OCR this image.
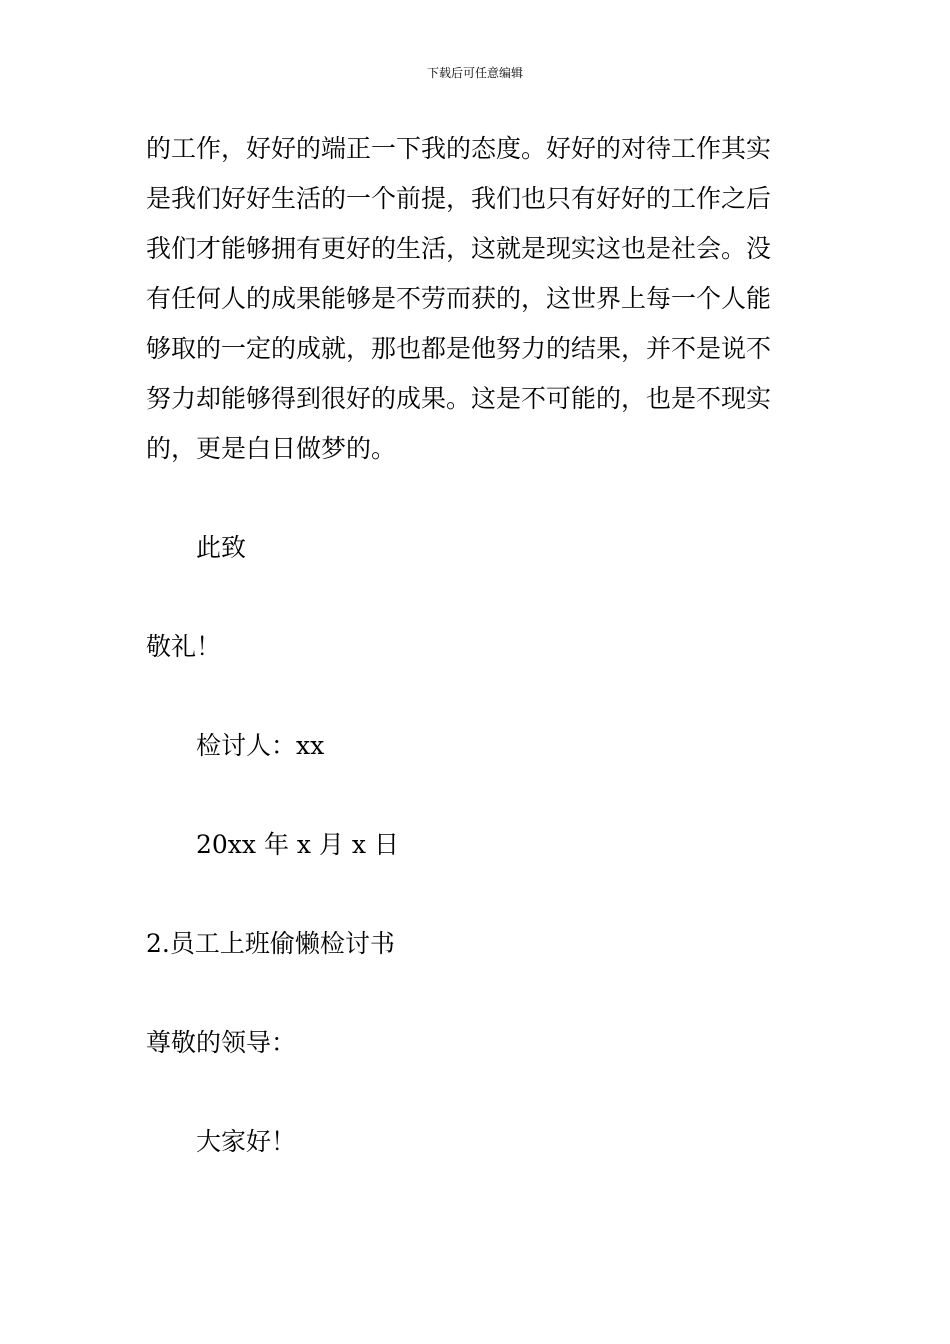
下载后可任意编辑
的工作，好好的端正一下我的态度。好好的对待工作其实
是我们好好生活的一个前提，我们也只有好好的工作之后
我们才能够拥有更好的生活，这就是现实这也是社会。没
有任何人的成果能够是不劳而获的，这世界上每一个人能
够取的一定的成就，那也都是他努力的结果，并不是说不
努力却能够得到很好的成果。这是不可能的，也是不现实
的，更是白日做梦的。
此致
敬礼！
检讨人：xx
20xx 年 x 月 x 日
2.员工上班偷懒检讨书
尊敬的领导：
大家好！
